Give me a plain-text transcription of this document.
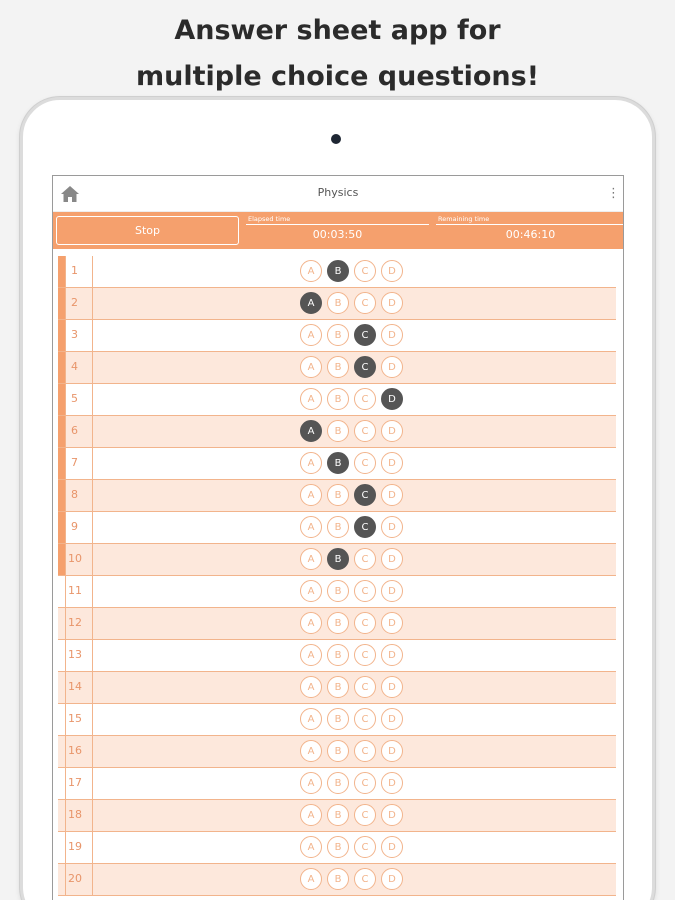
Answer sheet app for
multiple choice questions!
Physics	⋮
Stop
Elapsed time
00:03:50
Remaining time
00:46:10
1	A	B	C	D
2	A	B	C	D
3	A	B	C	D
4	A	B	C	D
5	A	B	C	D
6	A	B	C	D
7	A	B	C	D
8	A	B	C	D
9	A	B	C	D
10	A	B	C	D
11	A	B	C	D
12	A	B	C	D
13	A	B	C	D
14	A	B	C	D
15	A	B	C	D
16	A	B	C	D
17	A	B	C	D
18	A	B	C	D
19	A	B	C	D
20	A	B	C	D
